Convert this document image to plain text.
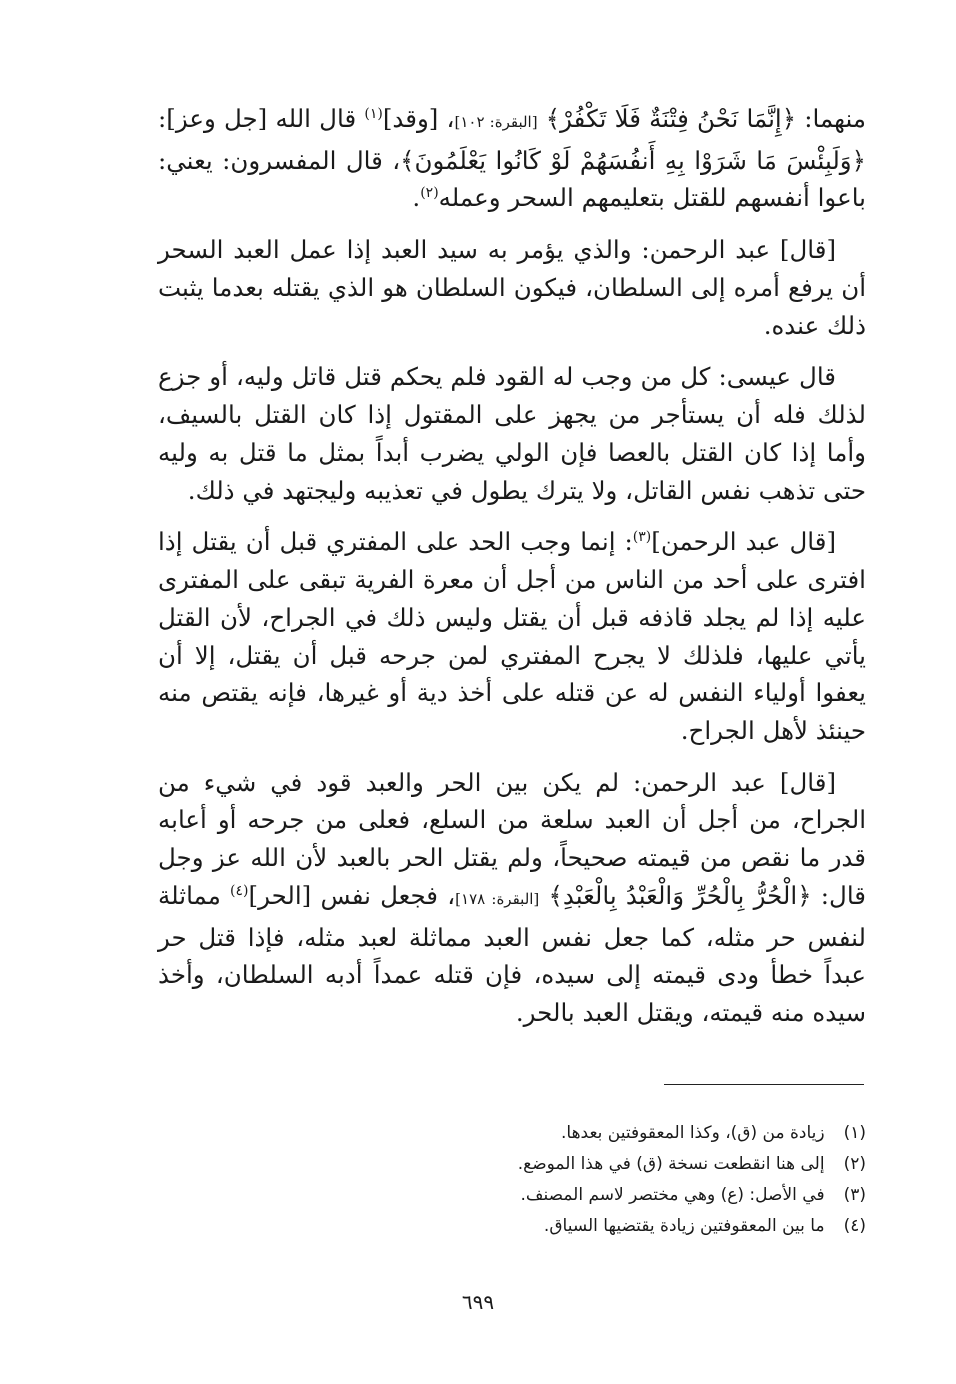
منهما: ﴿إِنَّمَا نَحْنُ فِتْنَةٌ فَلَا تَكْفُرْ﴾ [البقرة: ١٠٢]، [وقد]$^{(١)}$ قال الله [جل وعز]: ﴿وَلَبِئْسَ مَا شَرَوْا بِهِ أَنفُسَهُمْ لَوْ كَانُوا يَعْلَمُونَ﴾، قال المفسرون: يعني: باعوا أنفسهم للقتل بتعليمهم السحر وعمله$^{(٢)}$.

[قال] عبد الرحمن: والذي يؤمر به سيد العبد إذا عمل العبد السحر أن يرفع أمره إلى السلطان، فيكون السلطان هو الذي يقتله بعدما يثبت ذلك عنده.

قال عيسى: كل من وجب له القود فلم يحكم قتل قاتل وليه، أو جزع لذلك فله أن يستأجر من يجهز على المقتول إذا كان القتل بالسيف، وأما إذا كان القتل بالعصا فإن الولي يضرب أبداً بمثل ما قتل به وليه حتى تذهب نفس القاتل، ولا يترك يطول في تعذيبه وليجتهد في ذلك.

[قال عبد الرحمن]$^{(٣)}$: إنما وجب الحد على المفتري قبل أن يقتل إذا افترى على أحد من الناس من أجل أن معرة الفرية تبقى على المفترى عليه إذا لم يجلد قاذفه قبل أن يقتل وليس ذلك في الجراح، لأن القتل يأتي عليها، فلذلك لا يجرح المفتري لمن جرحه قبل أن يقتل، إلا أن يعفوا أولياء النفس له عن قتله على أخذ دية أو غيرها، فإنه يقتص منه حينئذ لأهل الجراح.

[قال] عبد الرحمن: لم يكن بين الحر والعبد قود في شيء من الجراح، من أجل أن العبد سلعة من السلع، فعلى من جرحه أو أعابه قدر ما نقص من قيمته صحيحاً، ولم يقتل الحر بالعبد لأن الله عز وجل قال: ﴿الْحُرُّ بِالْحُرِّ وَالْعَبْدُ بِالْعَبْدِ﴾ [البقرة: ١٧٨]، فجعل نفس [الحر]$^{(٤)}$ مماثلة لنفس حر مثله، كما جعل نفس العبد مماثلة لعبد مثله، فإذا قتل حر عبداً خطأ ودى قيمته إلى سيده، فإن قتله عمداً أدبه السلطان، وأخذ سيده منه قيمته، ويقتل العبد بالحر.

(١) زيادة من (ق)، وكذا المعقوفتين بعدها.

(٢) إلى هنا انقطعت نسخة (ق) في هذا الموضع.

(٣) في الأصل: (ع) وهي مختصر لاسم المصنف.

(٤) ما بين المعقوفتين زيادة يقتضيها السياق.

٦٩٩
